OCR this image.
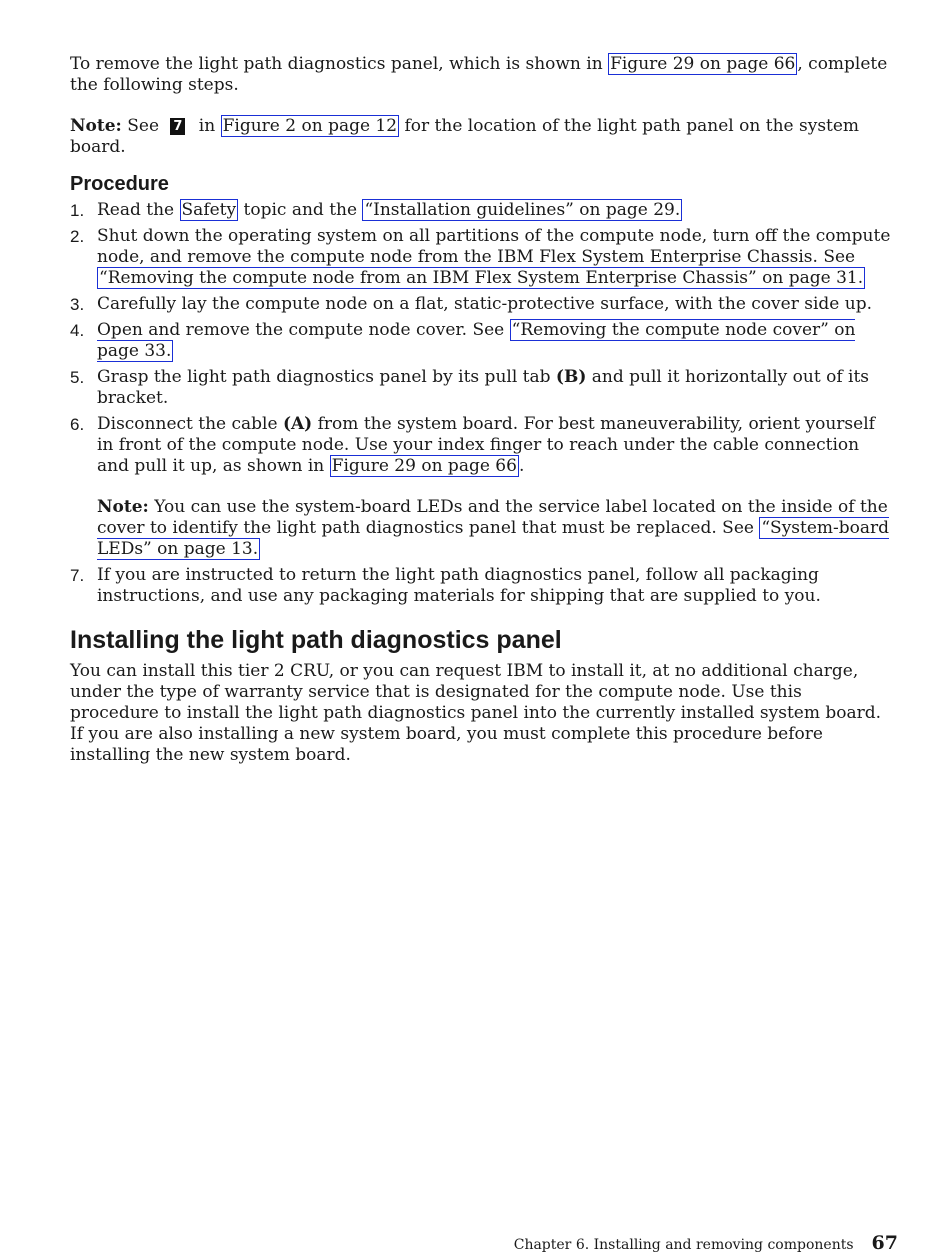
To remove the light path diagnostics panel, which is shown in Figure 29 on page 66 , complete the following steps.

Note: See 7 in Figure 2 on page 12 for the location of the light path panel on the system board.

Procedure
1. Read the Safety topic and the “Installation guidelines” on page 29.

2. Shut down the operating system on all partitions of the compute node, turn off the compute node, and remove the compute node from the IBM Flex System Enterprise Chassis. See “Removing the compute node from an IBM Flex System Enterprise Chassis” on page 31.

3. Carefully lay the compute node on a flat, static-protective surface, with the cover side up.

4. Open and remove the compute node cover. See “Removing the compute node cover” on page 33.

5. Grasp the light path diagnostics panel by its pull tab (B) and pull it horizontally out of its bracket.

6. Disconnect the cable (A) from the system board. For best maneuverability, orient yourself in front of the compute node. Use your index finger to reach under the cable connection and pull it up, as shown in Figure 29 on page 66 .

Note: You can use the system-board LEDs and the service label located on the inside of the cover to identify the light path diagnostics panel that must be replaced. See “System-board LEDs” on page 13.

7. If you are instructed to return the light path diagnostics panel, follow all packaging instructions, and use any packaging materials for shipping that are supplied to you.

Installing the light path diagnostics panel

You can install this tier 2 CRU, or you can request IBM to install it, at no additional charge, under the type of warranty service that is designated for the compute node. Use this procedure to install the light path diagnostics panel into the currently installed system board. If you are also installing a new system board, you must complete this procedure before installing the new system board.

Chapter 6. Installing and removing components 67
